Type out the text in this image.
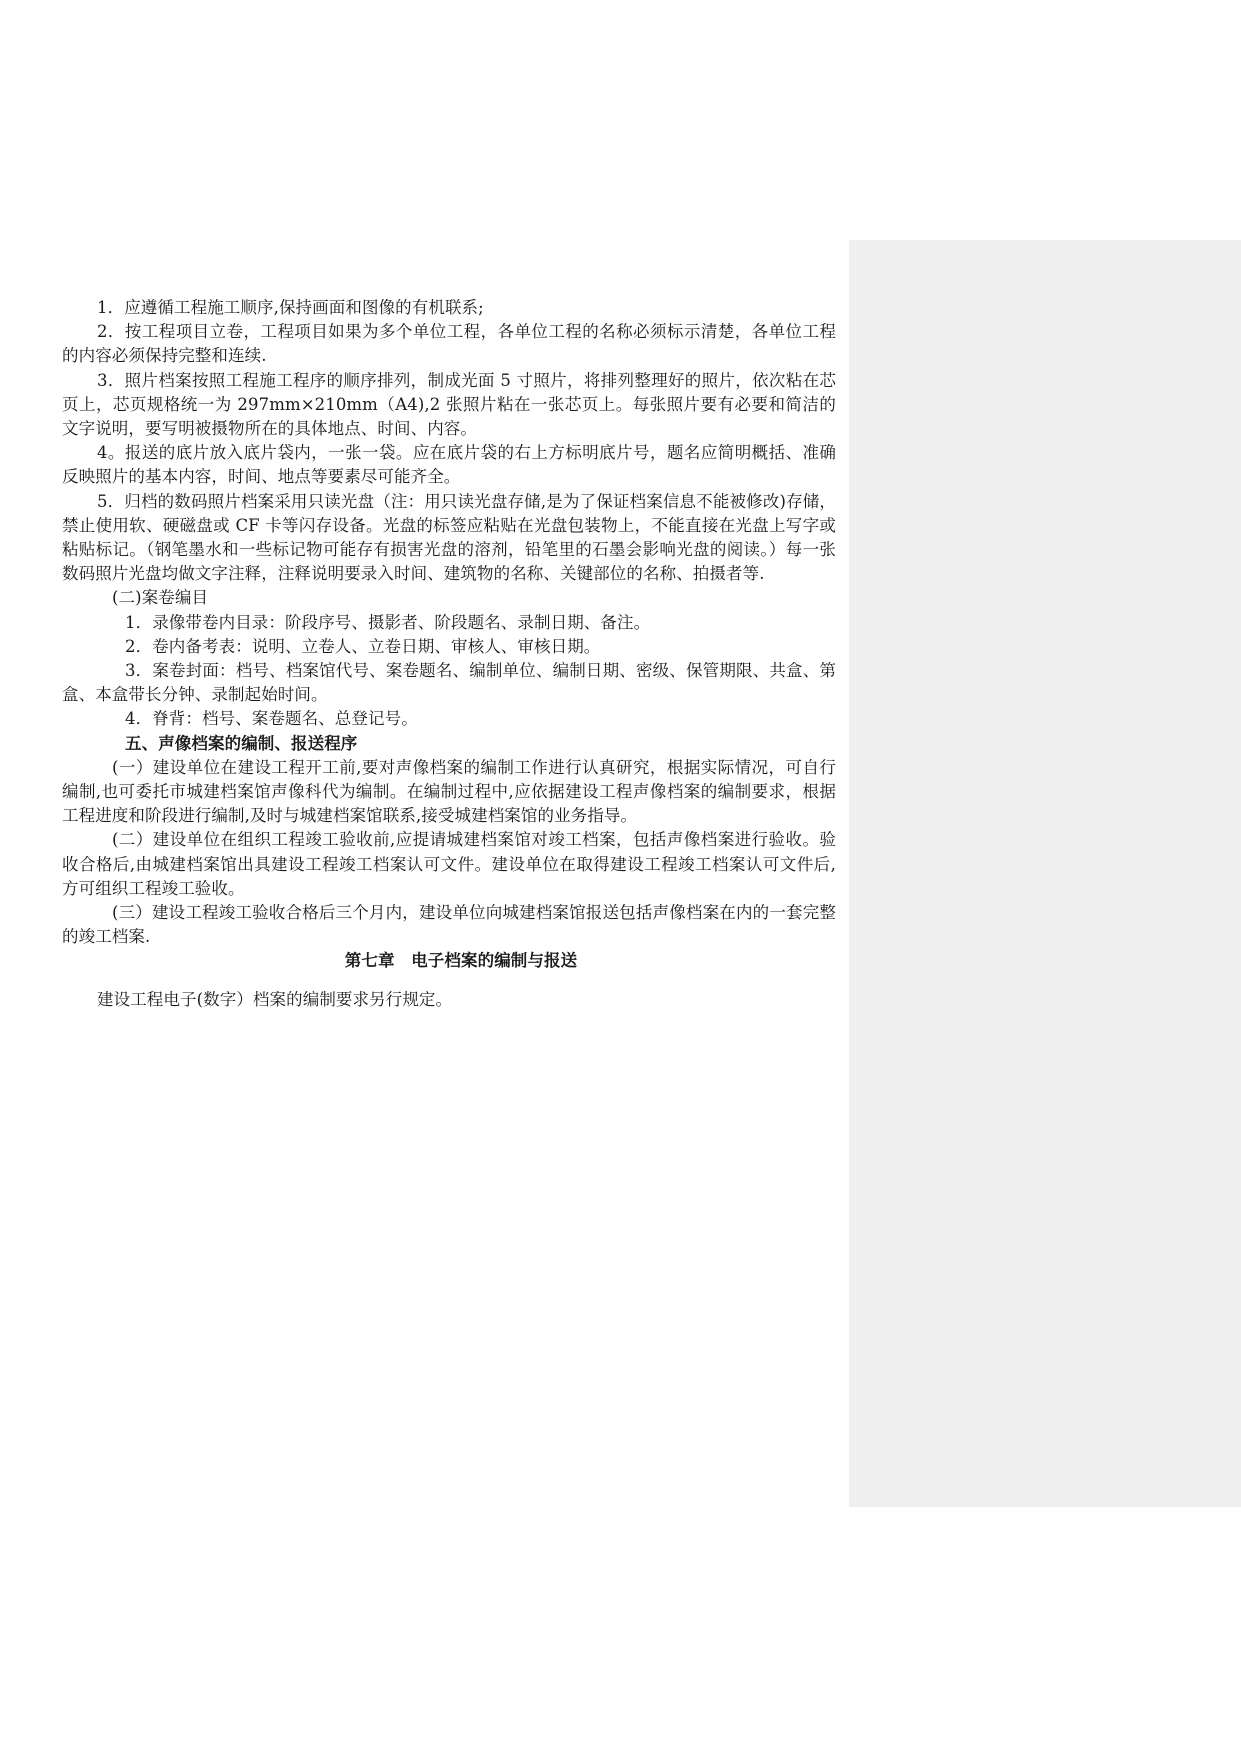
1．应遵循工程施工顺序,保持画面和图像的有机联系;

2．按工程项目立卷，工程项目如果为多个单位工程，各单位工程的名称必须标示清楚，各单位工程的内容必须保持完整和连续.

3．照片档案按照工程施工程序的顺序排列，制成光面 5 寸照片，将排列整理好的照片，依次粘在芯页上，芯页规格统一为 297mm×210mm（A4),2 张照片粘在一张芯页上。每张照片要有必要和简洁的文字说明，要写明被摄物所在的具体地点、时间、内容。

4。报送的底片放入底片袋内，一张一袋。应在底片袋的右上方标明底片号，题名应简明概括、准确反映照片的基本内容，时间、地点等要素尽可能齐全。

5．归档的数码照片档案采用只读光盘（注：用只读光盘存储,是为了保证档案信息不能被修改)存储，禁止使用软、硬磁盘或 CF 卡等闪存设备。光盘的标签应粘贴在光盘包装物上，不能直接在光盘上写字或粘贴标记。（钢笔墨水和一些标记物可能存有损害光盘的溶剂，铅笔里的石墨会影响光盘的阅读。）每一张数码照片光盘均做文字注释，注释说明要录入时间、建筑物的名称、关键部位的名称、拍摄者等.

(二)案卷编目

1．录像带卷内目录：阶段序号、摄影者、阶段题名、录制日期、备注。

2．卷内备考表：说明、立卷人、立卷日期、审核人、审核日期。

3．案卷封面：档号、档案馆代号、案卷题名、编制单位、编制日期、密级、保管期限、共盒、第盒、本盒带长分钟、录制起始时间。

4．脊背：档号、案卷题名、总登记号。

五、声像档案的编制、报送程序

(一）建设单位在建设工程开工前,要对声像档案的编制工作进行认真研究，根据实际情况，可自行编制,也可委托市城建档案馆声像科代为编制。在编制过程中,应依据建设工程声像档案的编制要求，根据工程进度和阶段进行编制,及时与城建档案馆联系,接受城建档案馆的业务指导。

(二）建设单位在组织工程竣工验收前,应提请城建档案馆对竣工档案，包括声像档案进行验收。验收合格后,由城建档案馆出具建设工程竣工档案认可文件。建设单位在取得建设工程竣工档案认可文件后,方可组织工程竣工验收。

(三）建设工程竣工验收合格后三个月内，建设单位向城建档案馆报送包括声像档案在内的一套完整的竣工档案.

第七章　电子档案的编制与报送

建设工程电子(数字）档案的编制要求另行规定。
